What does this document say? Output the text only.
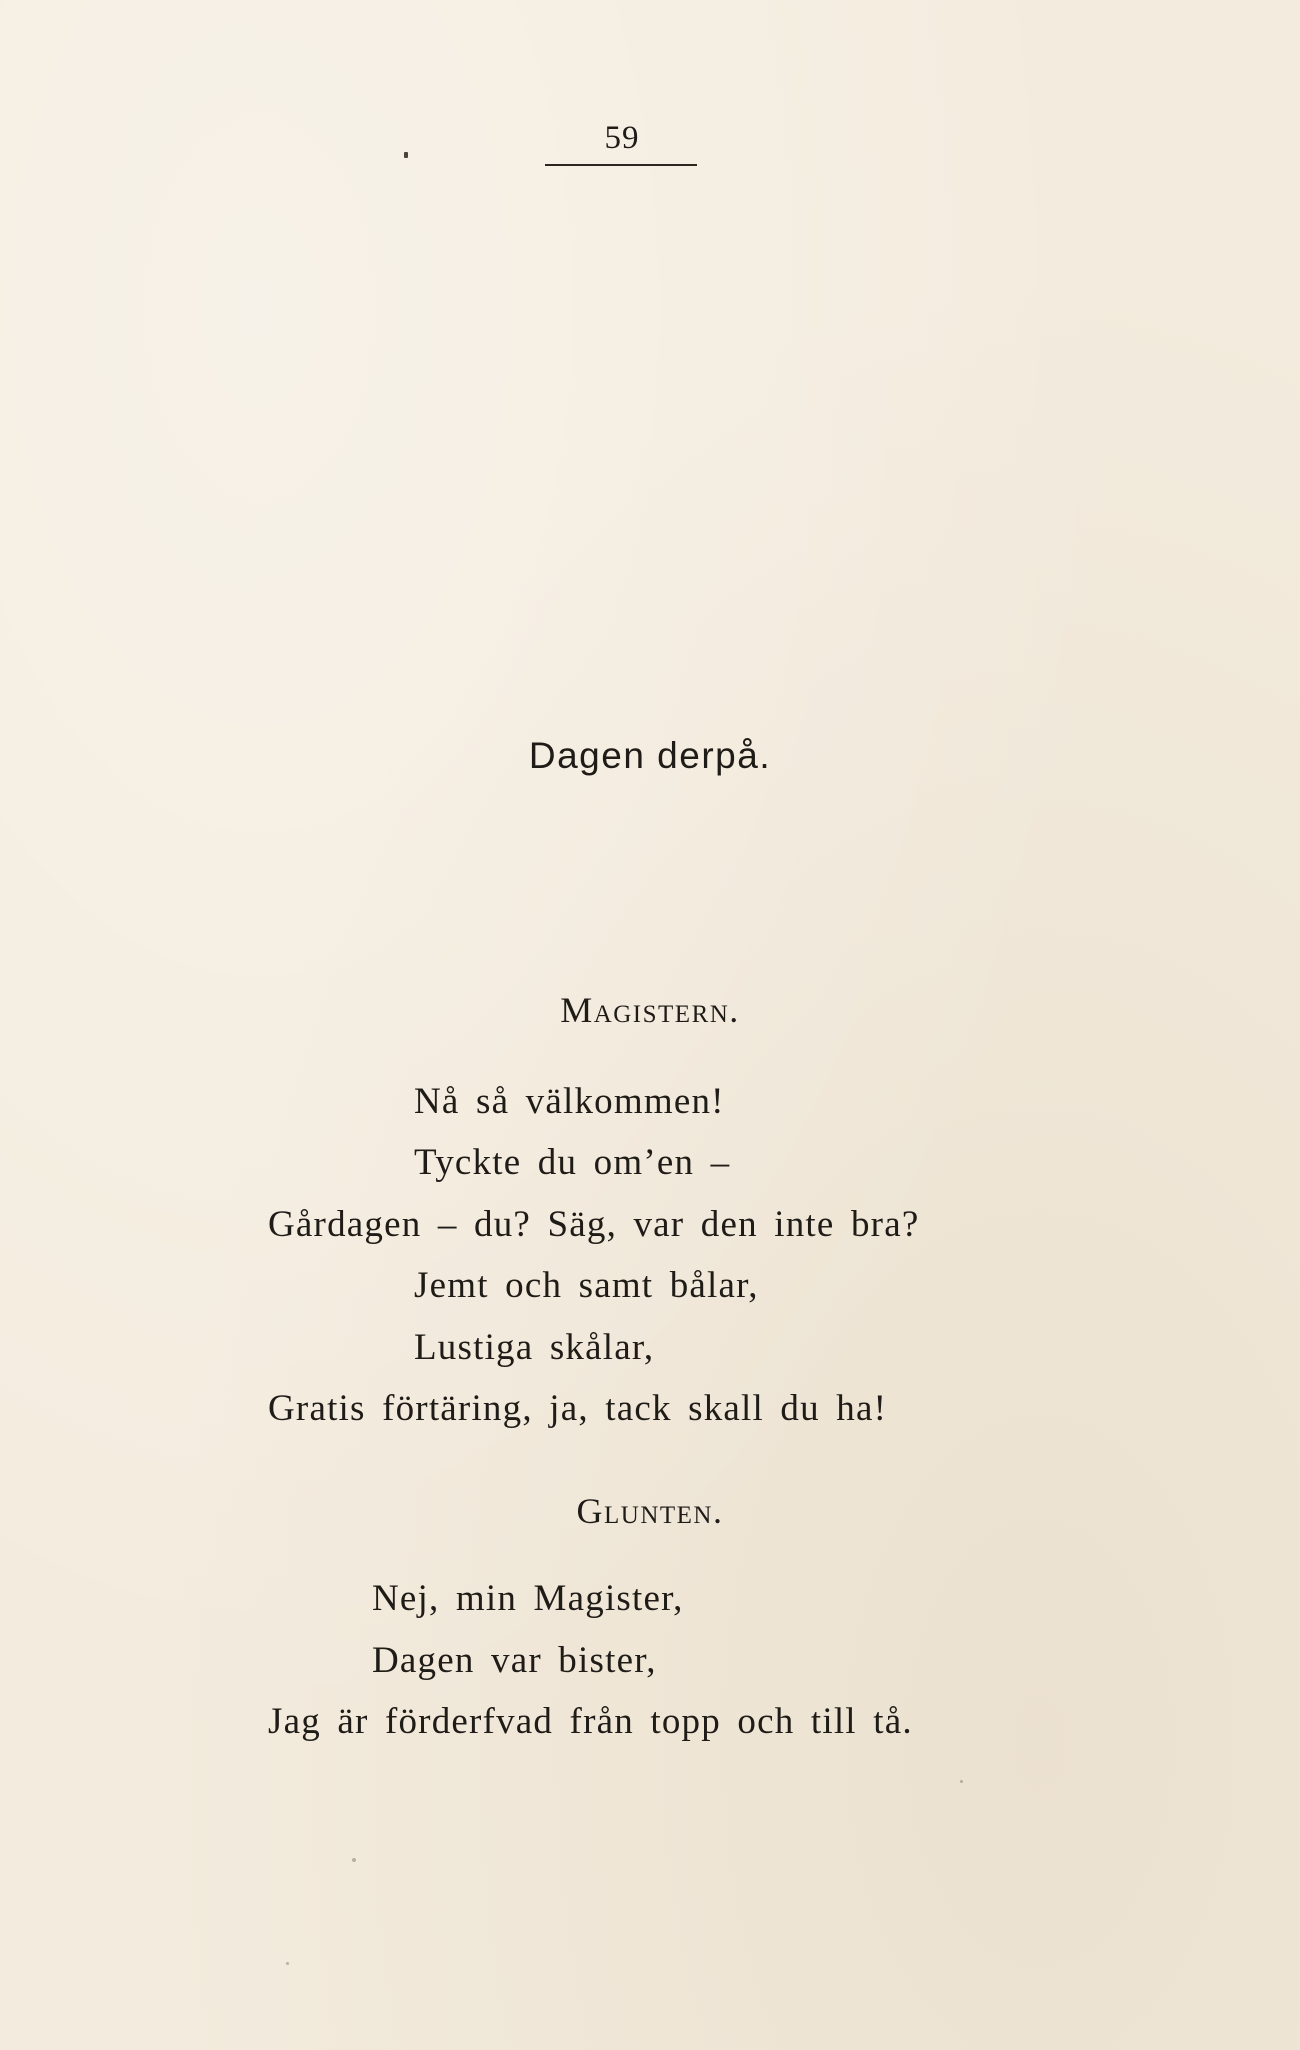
59
Dagen derpå.
Magistern.
Nå så välkommen!
Tyckte du om’en –
Gårdagen – du? Säg, var den inte bra?
Jemt och samt bålar,
Lustiga skålar,
Gratis förtäring, ja, tack skall du ha!
Glunten.
Nej, min Magister,
Dagen var bister,
Jag är förderfvad från topp och till tå.
